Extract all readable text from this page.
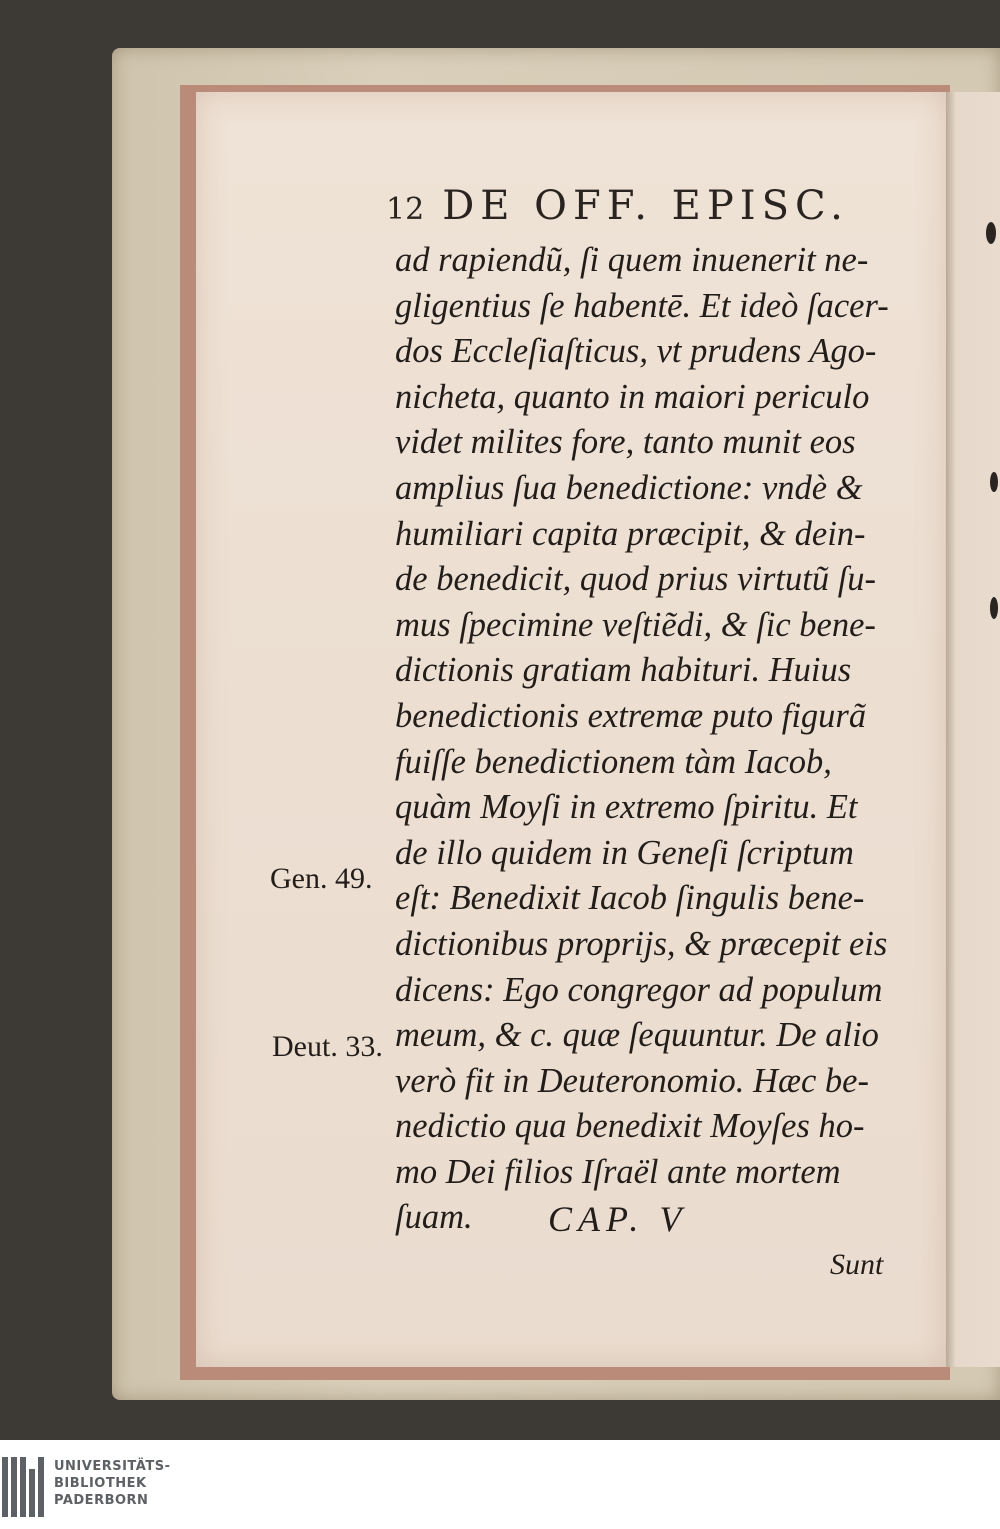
12 DE OFF. EPISC.
ad rapiendũ, ſi quem inuenerit ne-
gligentius ſe habentē. Et ideò ſacer-
dos Eccleſiaſticus, vt prudens Ago-
nicheta, quanto in maiori periculo
videt milites fore, tanto munit eos
amplius ſua benedictione: vndè &
humiliari capita præcipit, & dein-
de benedicit, quod prius virtutũ ſu-
mus ſpecimine veſtiẽdi, & ſic bene-
dictionis gratiam habituri. Huius
benedictionis extremæ puto figurã
fuiſſe benedictionem tàm Iacob,
quàm Moyſi in extremo ſpiritu. Et
de illo quidem in Geneſi ſcriptum
eſt: Benedixit Iacob ſingulis bene-
dictionibus proprijs, & præcepit eis
dicens: Ego congregor ad populum
meum, & c. quæ ſequuntur. De alio
verò fit in Deuteronomio. Hæc be-
nedictio qua benedixit Moyſes ho-
mo Dei filios Iſraël ante mortem
ſuam.
Gen. 49.
Deut. 33.
CAP. V
Sunt
UNIVERSITÄTS-
BIBLIOTHEK
PADERBORN
